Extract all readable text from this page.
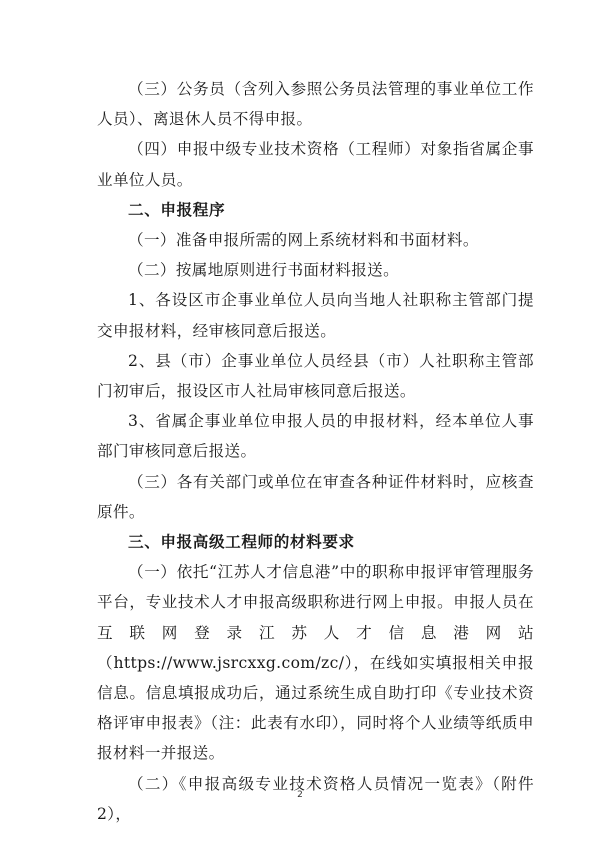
（三）公务员（含列入参照公务员法管理的事业单位工作人员）、离退休人员不得申报。

（四）申报中级专业技术资格（工程师）对象指省属企事业单位人员。

二、申报程序

（一）准备申报所需的网上系统材料和书面材料。

（二）按属地原则进行书面材料报送。

1、各设区市企事业单位人员向当地人社职称主管部门提交申报材料，经审核同意后报送。

2、县（市）企事业单位人员经县（市）人社职称主管部门初审后，报设区市人社局审核同意后报送。

3、省属企事业单位申报人员的申报材料，经本单位人事部门审核同意后报送。

（三）各有关部门或单位在审查各种证件材料时，应核查原件。

三、申报高级工程师的材料要求

（一）依托“江苏人才信息港”中的职称申报评审管理服务平台，专业技术人才申报高级职称进行网上申报。申报人员在互联网登录江苏人才信息港网站（https://www.jsrcxxg.com/zc/），在线如实填报相关申报信息。信息填报成功后，通过系统生成自助打印《专业技术资格评审申报表》（注：此表有水印），同时将个人业绩等纸质申报材料一并报送。

（二）《申报高级专业技术资格人员情况一览表》（附件2），

2
